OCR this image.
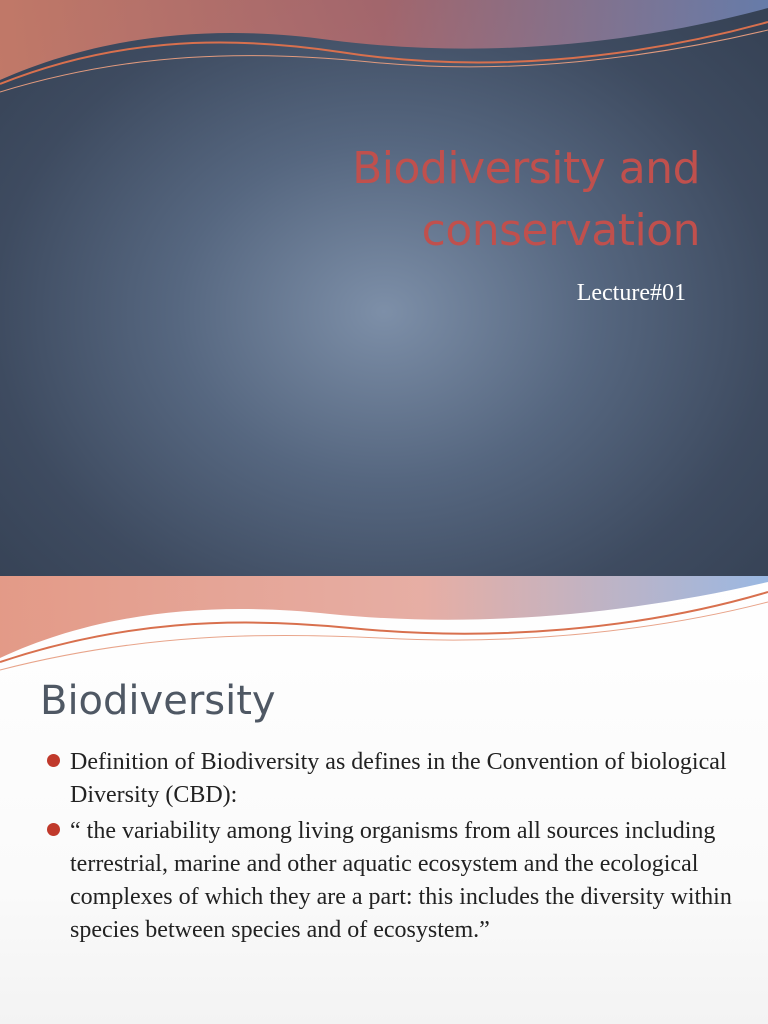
Biodiversity and
conservation

Lecture#01

Biodiversity
Definition of Biodiversity as defines in the Convention of biological Diversity (CBD):
“ the variability among living organisms from all sources including terrestrial, marine and other aquatic ecosystem and the ecological complexes of which they are a part: this includes the diversity within species between species and of ecosystem.”
